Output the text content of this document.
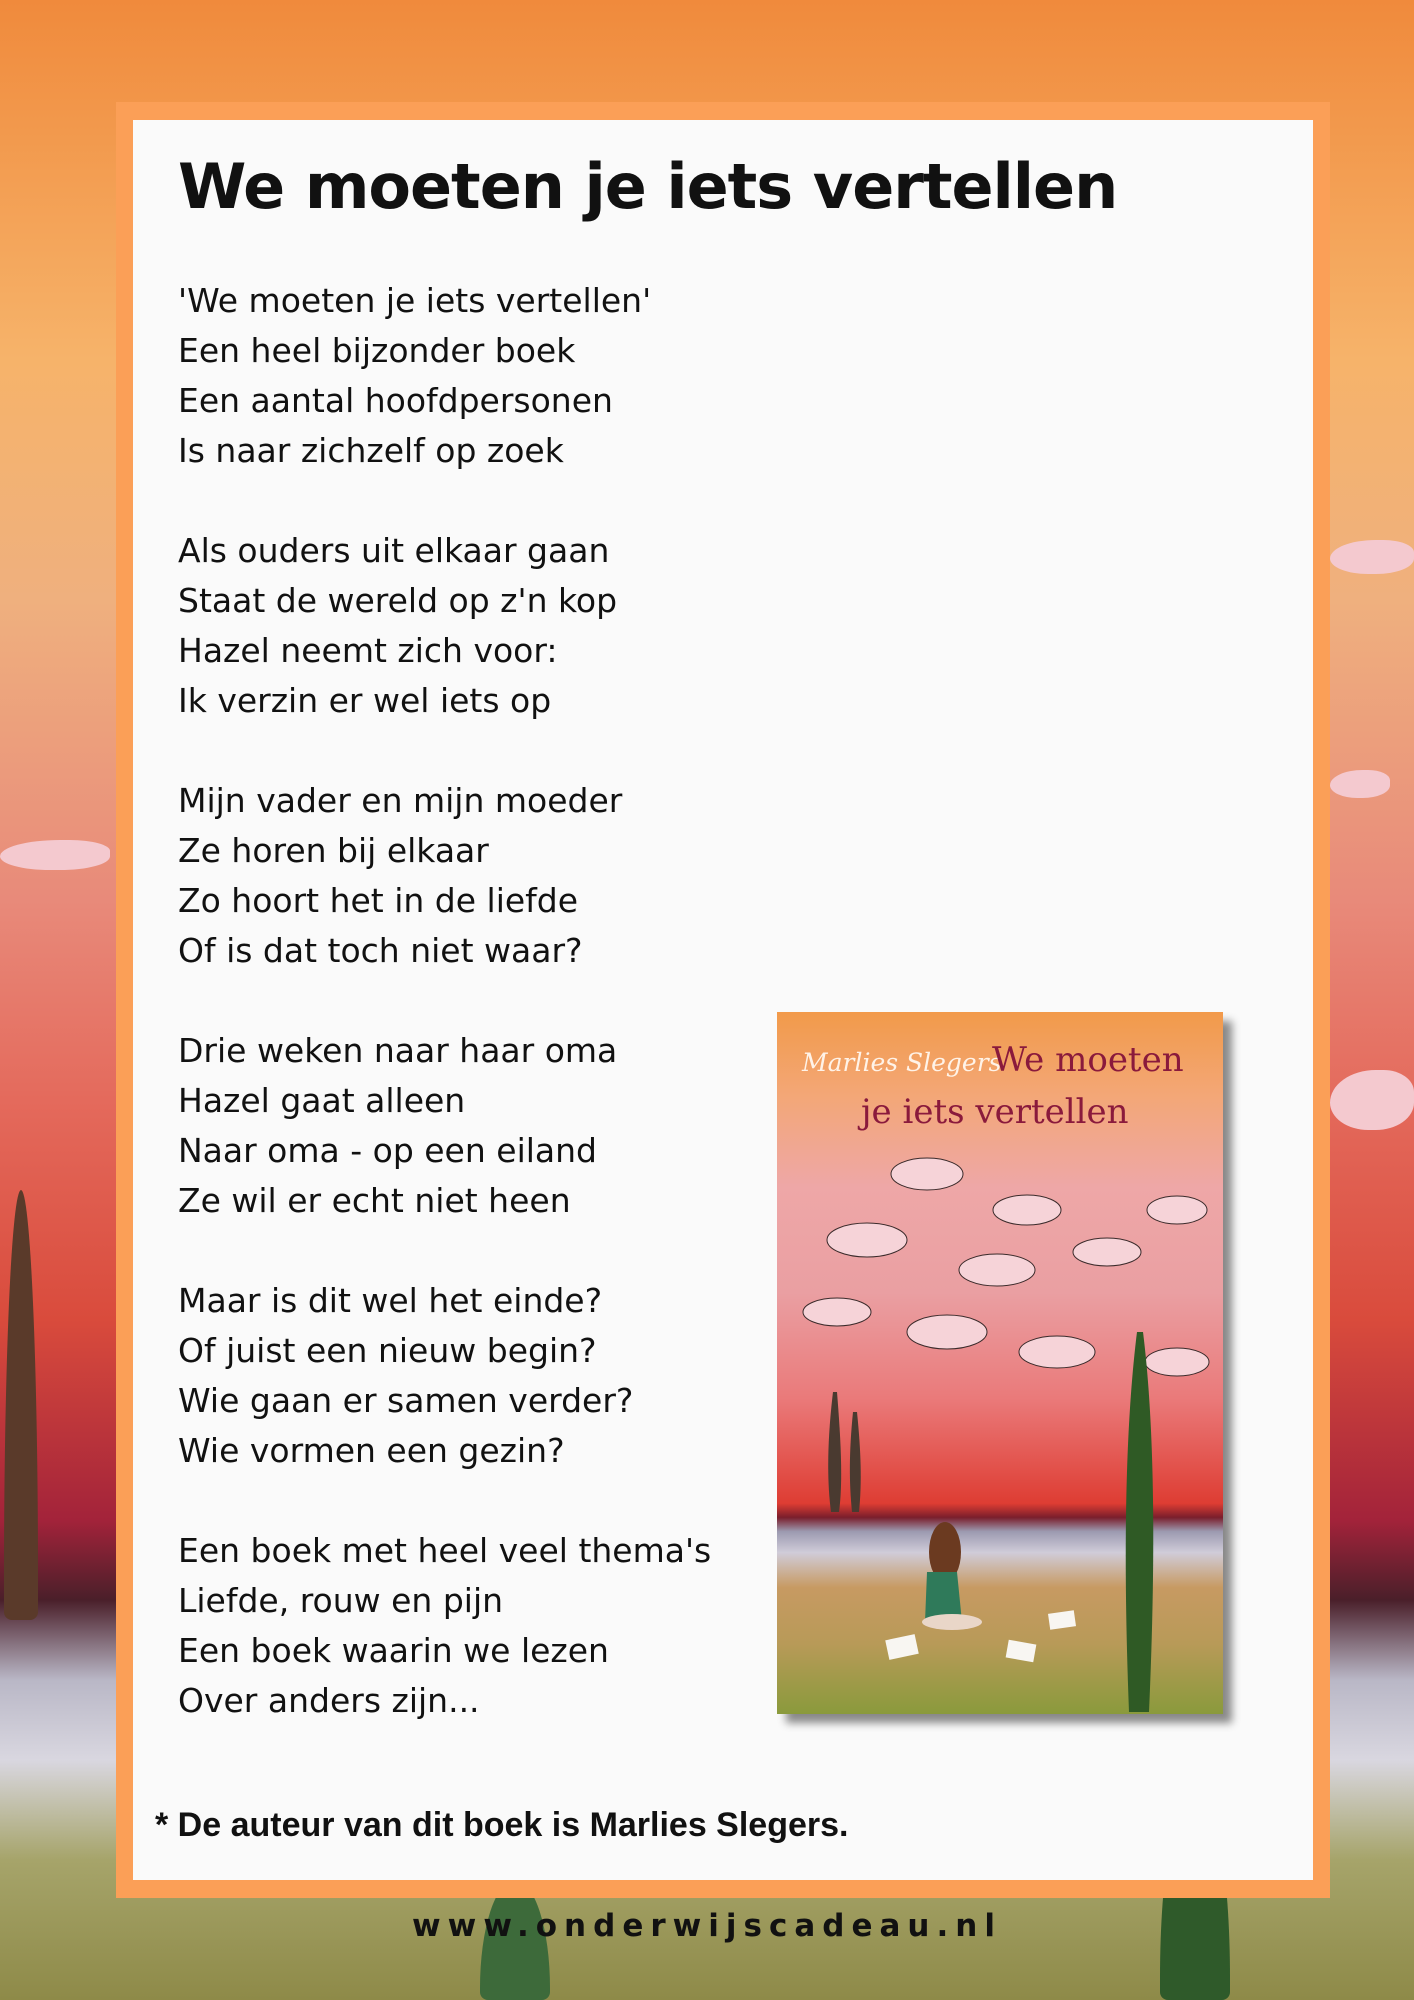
We moeten je iets vertellen
'We moeten je iets vertellen'
Een heel bijzonder boek
Een aantal hoofdpersonen
Is naar zichzelf op zoek
Als ouders uit elkaar gaan
Staat de wereld op z'n kop
Hazel neemt zich voor:
Ik verzin er wel iets op
Mijn vader en mijn moeder
Ze horen bij elkaar
Zo hoort het in de liefde
Of is dat toch niet waar?
Drie weken naar haar oma
Hazel gaat alleen
Naar oma - op een eiland
Ze wil er echt niet heen
Maar is dit wel het einde?
Of juist een nieuw begin?
Wie gaan er samen verder?
Wie vormen een gezin?
Een boek met heel veel thema's
Liefde, rouw en pijn
Een boek waarin we lezen
Over anders zijn...
Marlies Slegers
We moeten
je iets vertellen

* De auteur van dit boek is Marlies Slegers.

www.onderwijscadeau.nl
